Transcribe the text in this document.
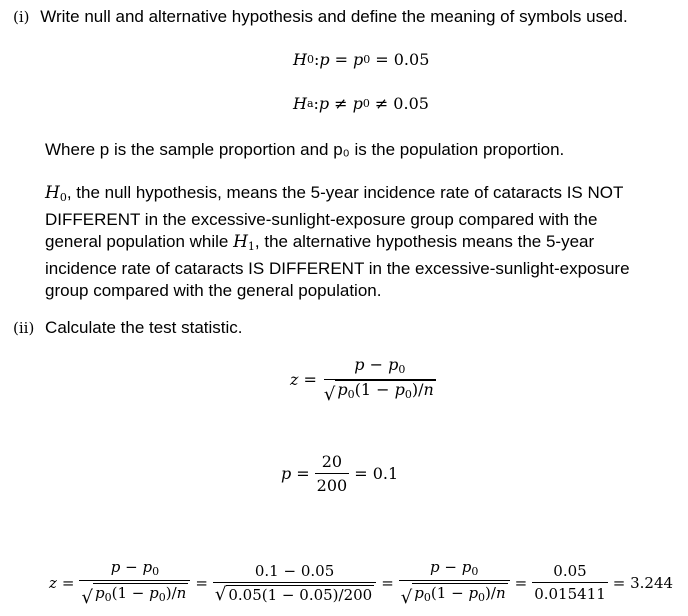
(i) Write null and alternative hypothesis and define the meaning of symbols used.
H 0 : p = p 0 = 0.05
H a : p ≠ p 0 ≠ 0.05
Where p is the sample proportion and p₀ is the population proportion.
$H_0$, the null hypothesis, means the 5-year incidence rate of cataracts IS NOT
DIFFERENT in the excessive-sunlight-exposure group compared with the
general population while $H_1$, the alternative hypothesis means the 5-year
incidence rate of cataracts IS DIFFERENT in the excessive-sunlight-exposure
group compared with the general population.
(ii) Calculate the test statistic.
z =
$p - p_0$
√ $p_0(1 - p_0)/n$
$p = \frac{20}{200} = 0.1$
$z = \frac{p - p_0}{√ p_0(1 - p_0)/n} = \frac{0.1 - 0.05}{√ 0.05(1 - 0.05)/200} = \frac{p - p_0}{√ p_0(1 - p_0)/n} = \frac{0.05}{0.015411} = 3.244$
